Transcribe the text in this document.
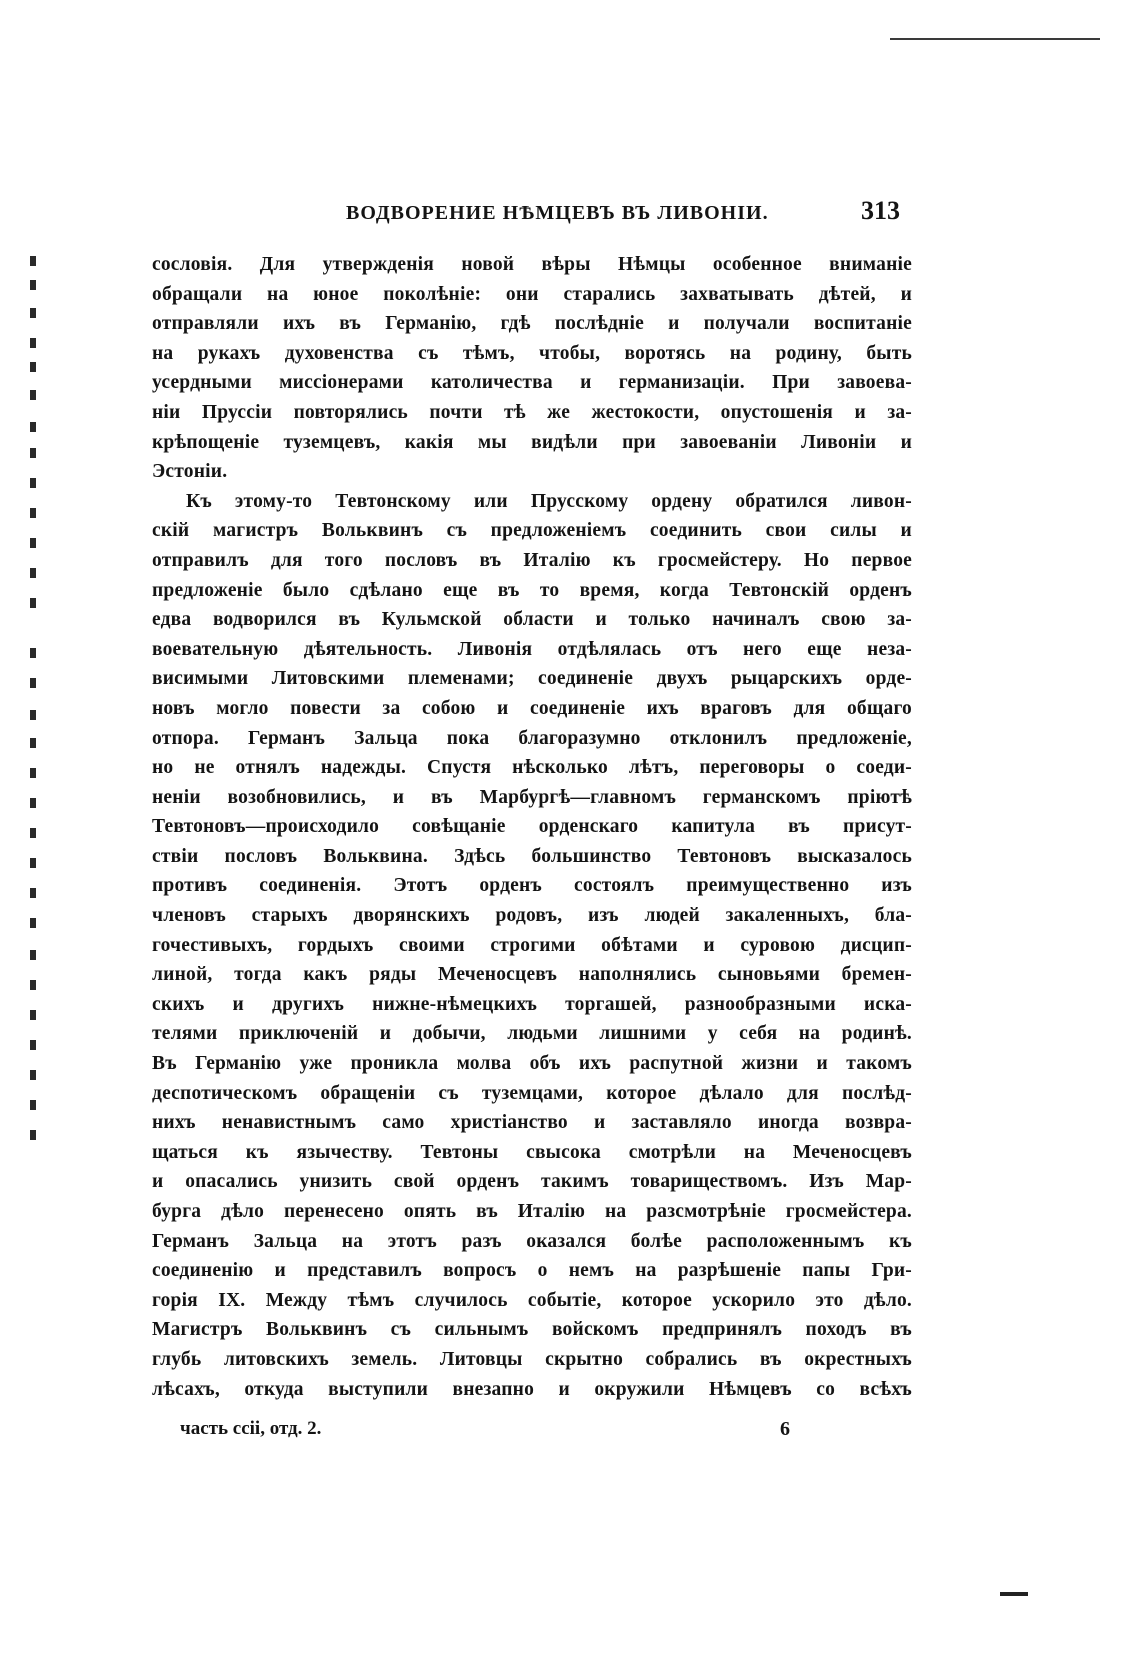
ВОДВОРЕНИЕ НѢМЦЕВЪ ВЪ ЛИВОНІИ.	313
сословія. Для утвержденія новой вѣры Нѣмцы особенное вниманіе
обращали на юное поколѣніе: они старались захватывать дѣтей, и
отправляли ихъ въ Германію, гдѣ послѣдніе и получали воспитаніе
на рукахъ духовенства съ тѣмъ, чтобы, воротясь на родину, быть
усердными миссіонерами католичества и германизаціи. При завоева-
ніи Пруссіи повторялись почти тѣ же жестокости, опустошенія и за-
крѣпощеніе туземцевъ, какія мы видѣли при завоеваніи Ливоніи и
Эстоніи.
Къ этому-то Тевтонскому или Прусскому ордену обратился ливон-
скій магистръ Вольквинъ съ предложеніемъ соединить свои силы и
отправилъ для того пословъ въ Италію къ гросмейстеру. Но первое
предложеніе было сдѣлано еще въ то время, когда Тевтонскій орденъ
едва водворился въ Кульмской области и только начиналъ свою за-
воевательную дѣятельность. Ливонія отдѣлялась отъ него еще неза-
висимыми Литовскими племенами; соединеніе двухъ рыцарскихъ орде-
новъ могло повести за собою и соединеніе ихъ враговъ для общаго
отпора. Германъ Зальца пока благоразумно отклонилъ предложеніе,
но не отнялъ надежды. Спустя нѣсколько лѣтъ, переговоры о соеди-
неніи возобновились, и въ Марбургѣ—главномъ германскомъ пріютѣ
Тевтоновъ—происходило совѣщаніе орденскаго капитула въ присут-
ствіи пословъ Вольквина. Здѣсь большинство Тевтоновъ высказалось
противъ соединенія. Этотъ орденъ состоялъ преимущественно изъ
членовъ старыхъ дворянскихъ родовъ, изъ людей закаленныхъ, бла-
гочестивыхъ, гордыхъ своими строгими обѣтами и суровою дисцип-
линой, тогда какъ ряды Меченосцевъ наполнялись сыновьями бремен-
скихъ и другихъ нижне-нѣмецкихъ торгашей, разнообразными иска-
телями приключеній и добычи, людьми лишними у себя на родинѣ.
Въ Германію уже проникла молва объ ихъ распутной жизни и такомъ
деспотическомъ обращеніи съ туземцами, которое дѣлало для послѣд-
нихъ ненавистнымъ само христіанство и заставляло иногда возвра-
щаться къ язычеству. Тевтоны свысока смотрѣли на Меченосцевъ
и опасались унизить свой орденъ такимъ товариществомъ. Изъ Мар-
бурга дѣло перенесено опять въ Италію на разсмотрѣніе гросмейстера.
Германъ Зальца на этотъ разъ оказался болѣе расположеннымъ къ
соединенію и представилъ вопросъ о немъ на разрѣшеніе папы Гри-
горія IX. Между тѣмъ случилось событіе, которое ускорило это дѣло.
Магистръ Вольквинъ съ сильнымъ войскомъ предпринялъ походъ въ
глубь литовскихъ земель. Литовцы скрытно собрались въ окрестныхъ
лѣсахъ, откуда выступили внезапно и окружили Нѣмцевъ со всѣхъ
часть ccii, отд. 2.	6
